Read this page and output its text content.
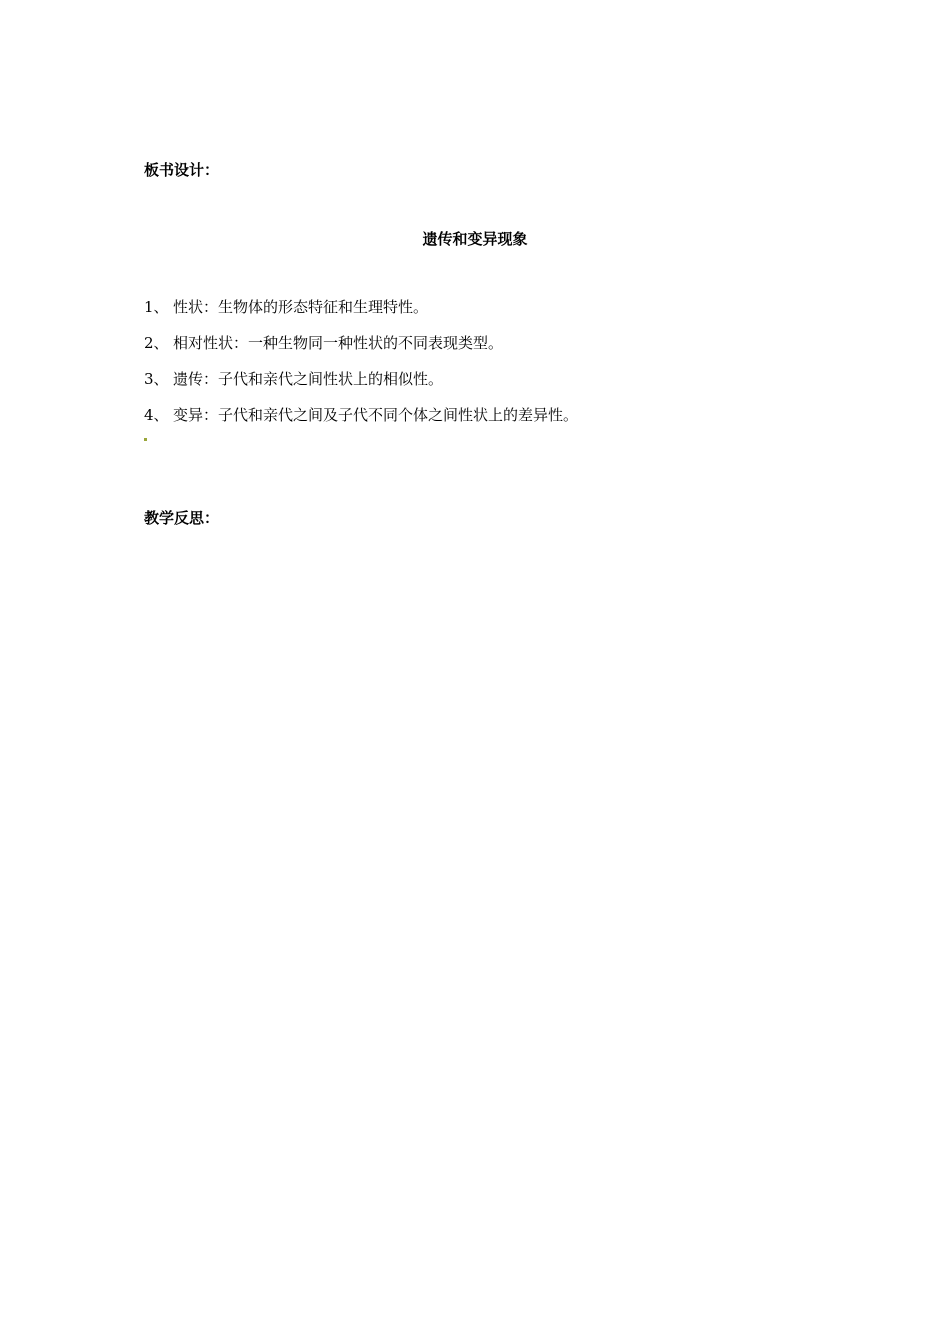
板书设计：
遗传和变异现象
1、 性状：生物体的形态特征和生理特性。
2、 相对性状：一种生物同一种性状的不同表现类型。
3、 遗传：子代和亲代之间性状上的相似性。
4、 变异：子代和亲代之间及子代不同个体之间性状上的差异性。
教学反思：
